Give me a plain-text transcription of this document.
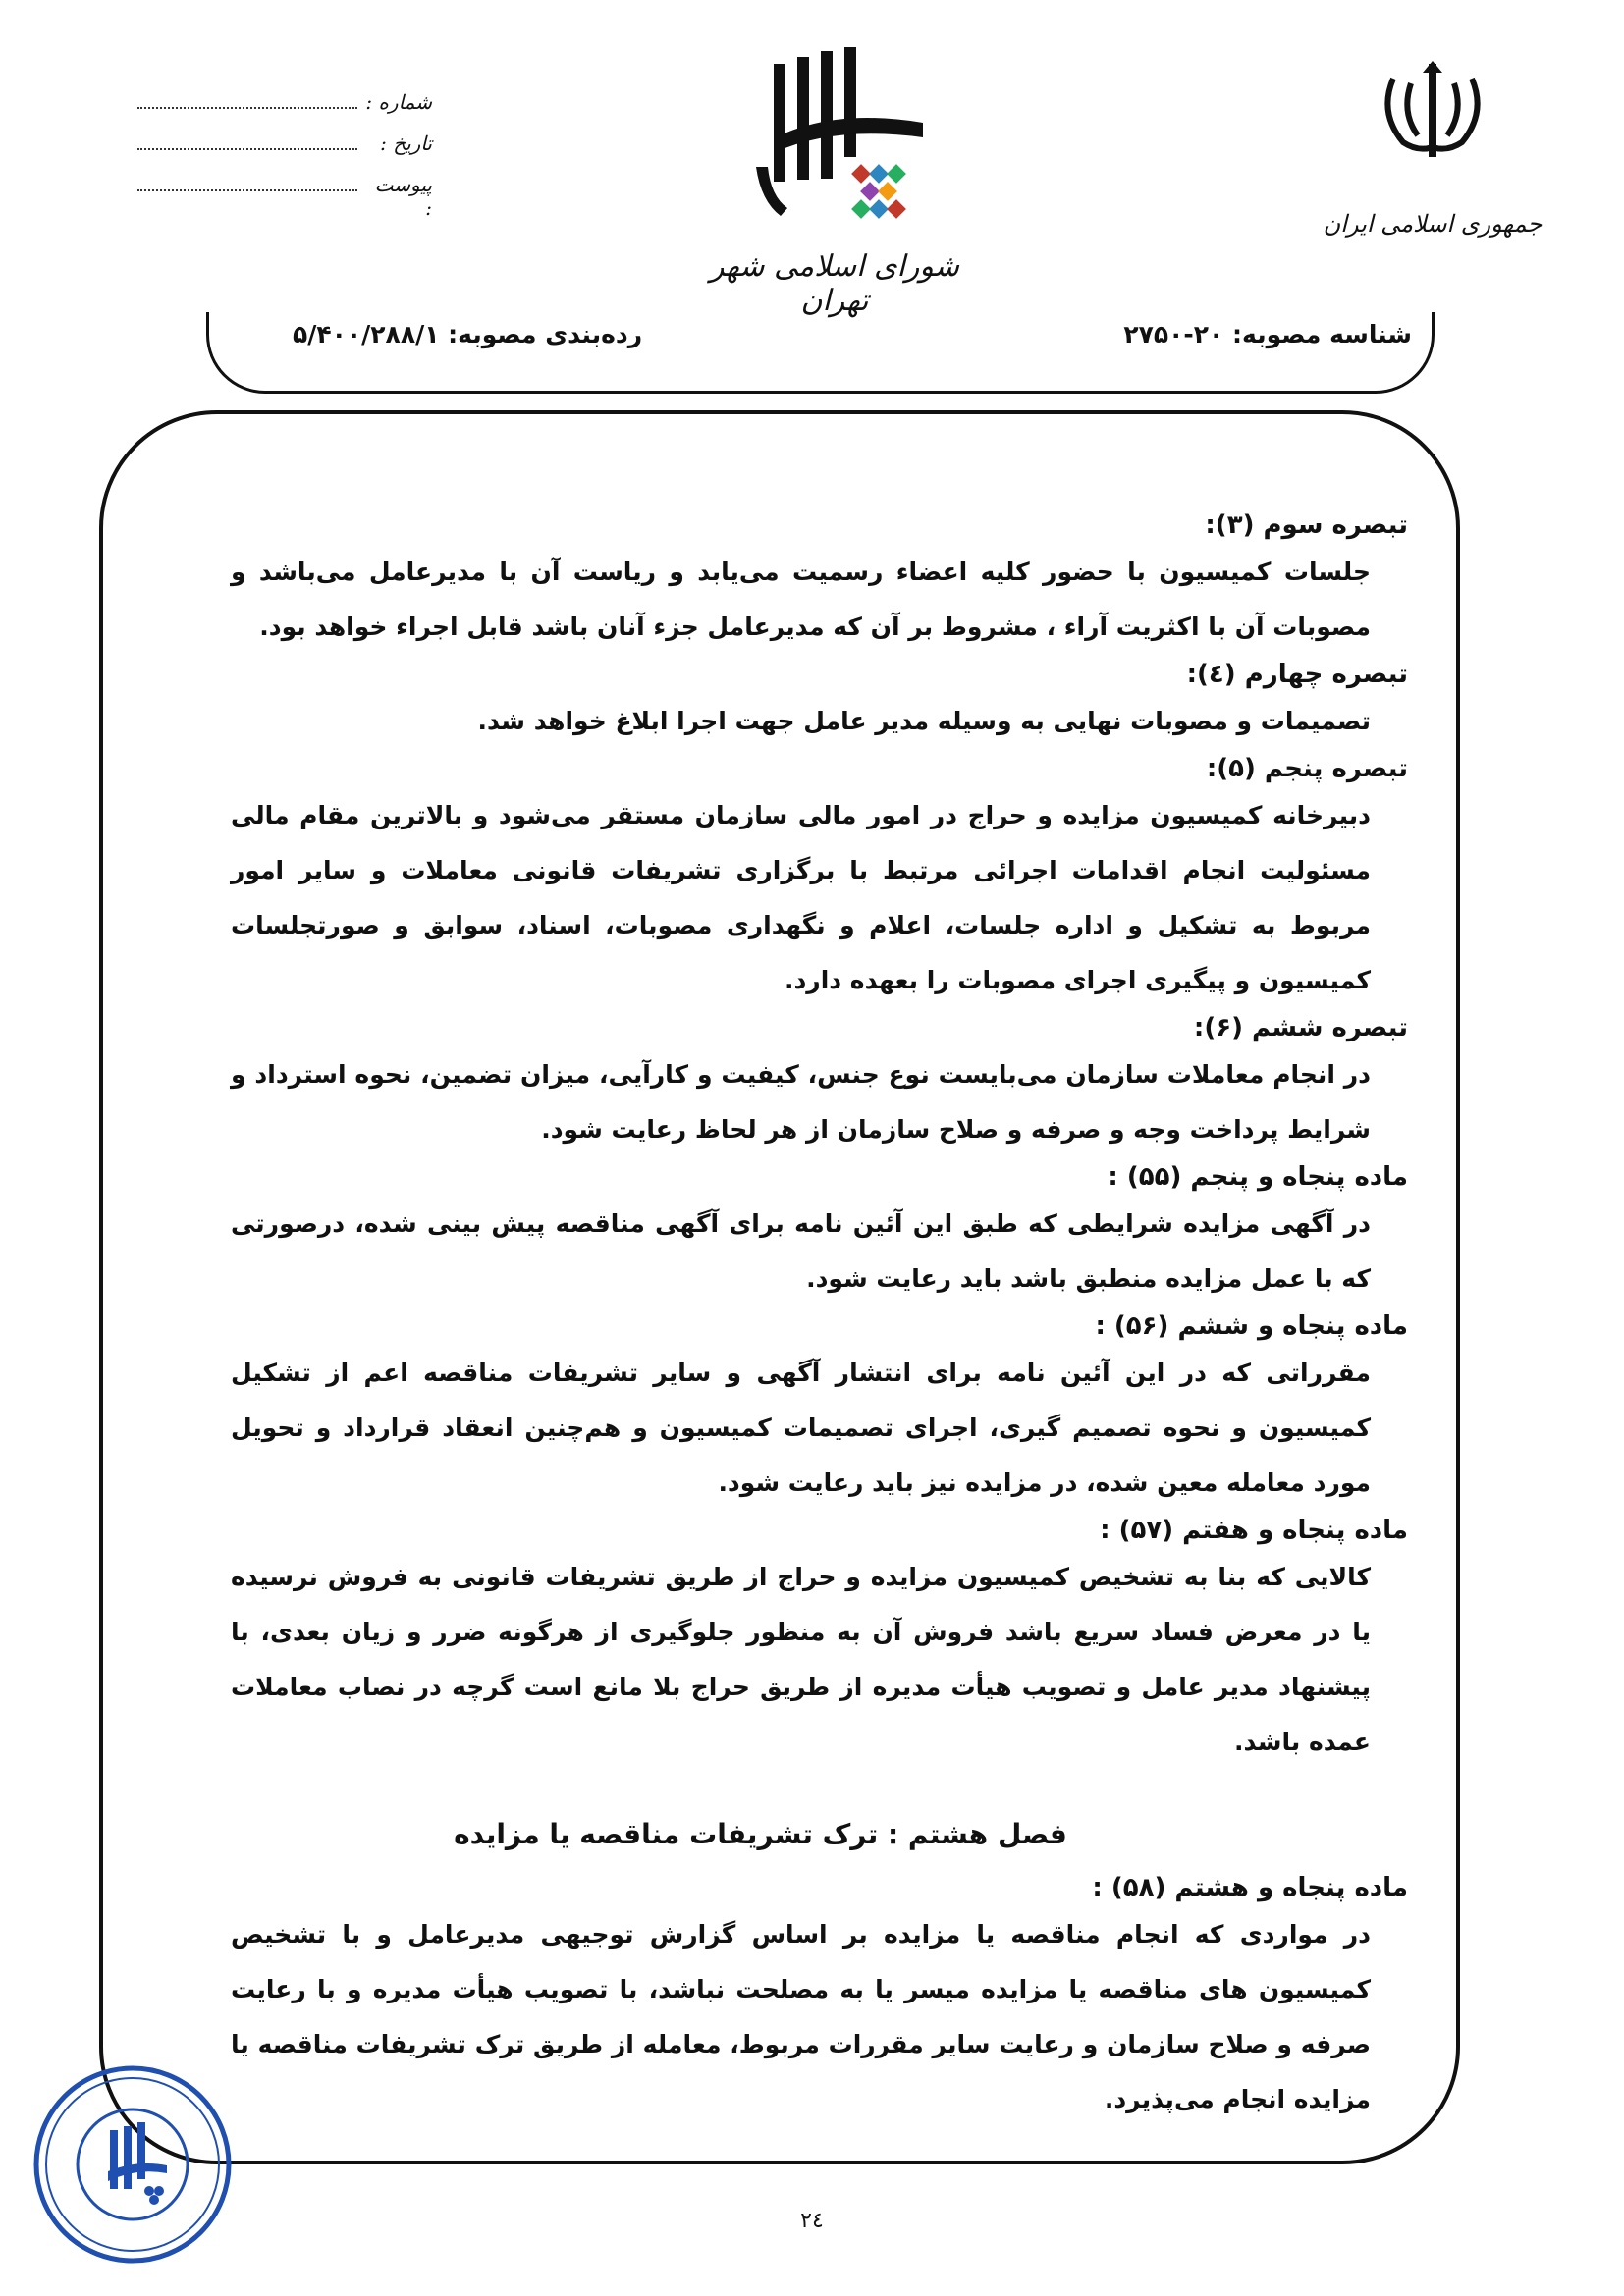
جمهوری اسلامی ایران
شورای اسلامی شهر تهران
شماره :
تاریخ :
پیوست :
شناسه مصوبه: ۲۰-۲۷۵۰
رده‌بندی مصوبه: ۵/۴۰۰/۲۸۸/۱
تبصره سوم (۳):

جلسات کمیسیون با حضور کلیه اعضاء رسمیت می‌یابد و ریاست آن با مدیرعامل می‌باشد و مصوبات آن با اکثریت آراء ، مشروط بر آن که مدیرعامل جزء آنان باشد قابل اجراء خواهد بود.

تبصره چهارم (٤):

تصمیمات و مصوبات نهایی به وسیله مدیر عامل جهت اجرا ابلاغ خواهد شد.

تبصره پنجم (۵):

دبیرخانه کمیسیون مزایده و حراج در امور مالی سازمان مستقر می‌شود و بالاترین مقام مالی مسئولیت انجام اقدامات اجرائی مرتبط با برگزاری تشریفات قانونی معاملات و سایر امور مربوط به تشکیل و اداره جلسات، اعلام و نگهداری مصوبات، اسناد، سوابق و صورتجلسات کمیسیون و پیگیری اجرای مصوبات را بعهده دارد.

تبصره ششم (۶):

در انجام معاملات سازمان می‌بایست نوع جنس، کیفیت و کارآیی، میزان تضمین، نحوه استرداد و شرایط پرداخت وجه و صرفه و صلاح سازمان از هر لحاظ رعایت شود.

ماده پنجاه و پنجم (۵۵) :

در آگهی مزایده شرایطی که طبق این آئین نامه برای آگهی مناقصه پیش بینی شده، درصورتی که با عمل مزایده منطبق باشد باید رعایت شود.

ماده پنجاه و ششم (۵۶) :

مقرراتی که در این آئین نامه برای انتشار آگهی و سایر تشریفات مناقصه اعم از تشکیل کمیسیون و نحوه تصمیم گیری، اجرای تصمیمات کمیسیون و هم‌چنین انعقاد قرارداد و تحویل مورد معامله معین شده، در مزایده نیز باید رعایت شود.

ماده پنجاه و هفتم (۵۷) :

کالایی که بنا به تشخیص کمیسیون مزایده و حراج از طریق تشریفات قانونی به فروش نرسیده یا در معرض فساد سریع باشد فروش آن به منظور جلوگیری از هرگونه ضرر و زیان بعدی، با پیشنهاد مدیر عامل و تصویب هیأت مدیره از طریق حراج بلا مانع است گرچه در نصاب معاملات عمده باشد.

فصل هشتم : ترک تشریفات مناقصه یا مزایده
ماده پنجاه و هشتم (۵۸) :

در مواردی که انجام مناقصه یا مزایده بر اساس گزارش توجیهی مدیرعامل و با تشخیص کمیسیون های مناقصه یا مزایده میسر یا به مصلحت نباشد، با تصویب هیأت مدیره و با رعایت صرفه و صلاح سازمان و رعایت سایر مقررات مربوط، معامله از طریق ترک تشریفات مناقصه یا مزایده انجام می‌پذیرد.

۲٤
